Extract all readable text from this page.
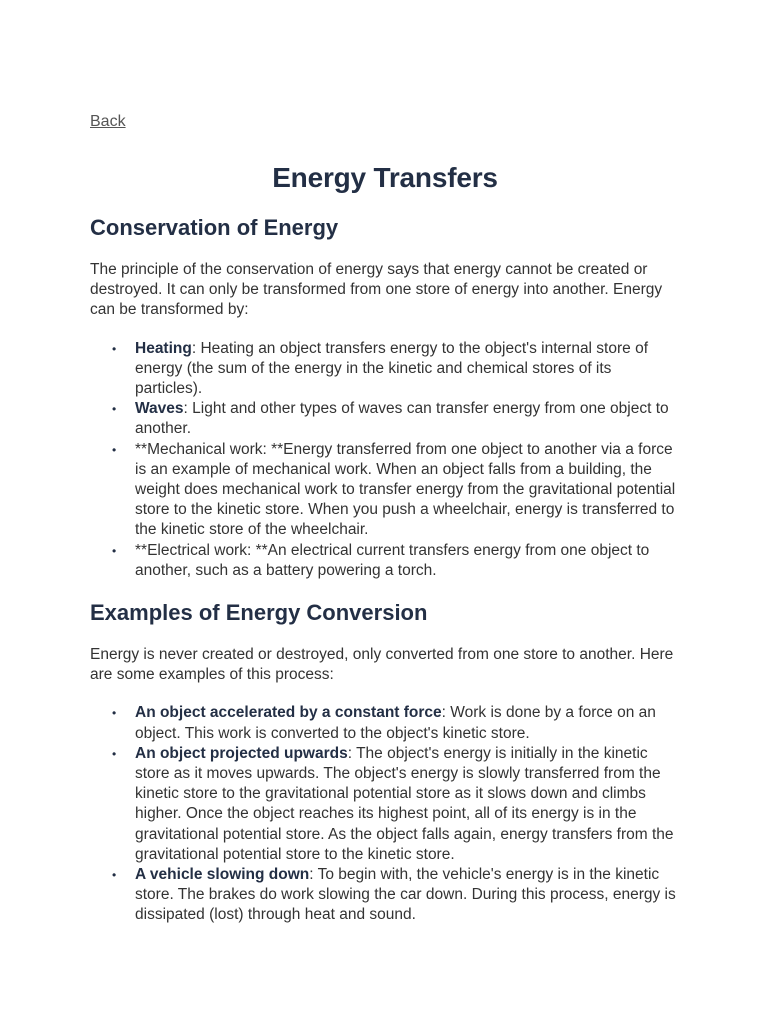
Back
Energy Transfers
Conservation of Energy

The principle of the conservation of energy says that energy cannot be created or destroyed. It can only be transformed from one store of energy into another. Energy can be transformed by:

• Heating: Heating an object transfers energy to the object's internal store of energy (the sum of the energy in the kinetic and chemical stores of its particles).
• Waves: Light and other types of waves can transfer energy from one object to another.
• **Mechanical work: **Energy transferred from one object to another via a force is an example of mechanical work. When an object falls from a building, the weight does mechanical work to transfer energy from the gravitational potential store to the kinetic store. When you push a wheelchair, energy is transferred to the kinetic store of the wheelchair.
• **Electrical work: **An electrical current transfers energy from one object to another, such as a battery powering a torch.
Examples of Energy Conversion

Energy is never created or destroyed, only converted from one store to another. Here are some examples of this process:

• An object accelerated by a constant force: Work is done by a force on an object. This work is converted to the object's kinetic store.
• An object projected upwards: The object's energy is initially in the kinetic store as it moves upwards. The object's energy is slowly transferred from the kinetic store to the gravitational potential store as it slows down and climbs higher. Once the object reaches its highest point, all of its energy is in the gravitational potential store. As the object falls again, energy transfers from the gravitational potential store to the kinetic store.
• A vehicle slowing down: To begin with, the vehicle's energy is in the kinetic store. The brakes do work slowing the car down. During this process, energy is dissipated (lost) through heat and sound.
